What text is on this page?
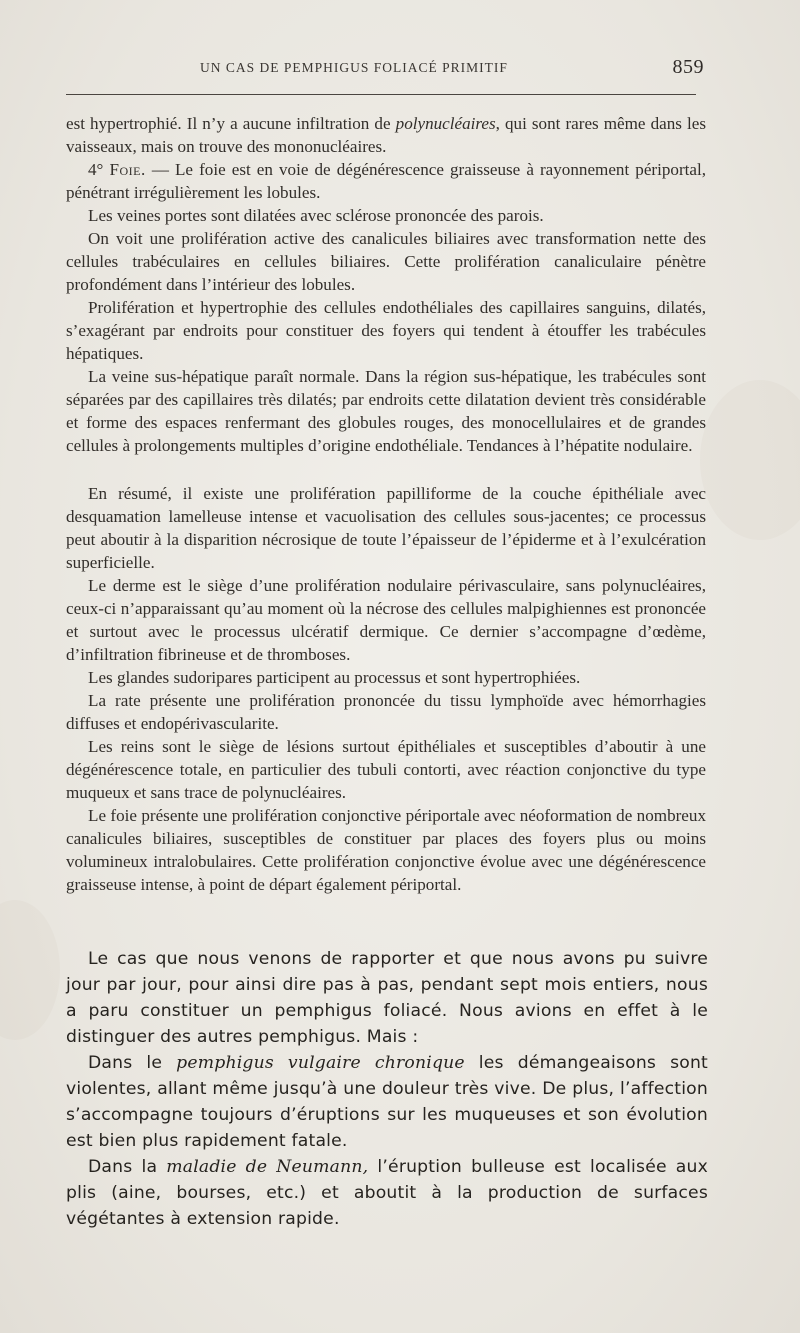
UN CAS DE PEMPHIGUS FOLIACÉ PRIMITIF	859

est hypertrophié. Il n’y a aucune infiltration de polynucléaires, qui sont rares même dans les vaisseaux, mais on trouve des mononucléaires.

4° Foie. — Le foie est en voie de dégénérescence graisseuse à rayonnement périportal, pénétrant irrégulièrement les lobules.

Les veines portes sont dilatées avec sclérose prononcée des parois.

On voit une prolifération active des canalicules biliaires avec transformation nette des cellules trabéculaires en cellules biliaires. Cette prolifération canaliculaire pénètre profondément dans l’intérieur des lobules.

Prolifération et hypertrophie des cellules endothéliales des capillaires sanguins, dilatés, s’exagérant par endroits pour constituer des foyers qui tendent à étouffer les trabécules hépatiques.

La veine sus-hépatique paraît normale. Dans la région sus-hépatique, les trabécules sont séparées par des capillaires très dilatés; par endroits cette dilatation devient très considérable et forme des espaces renfermant des globules rouges, des monocellulaires et de grandes cellules à prolongements multiples d’origine endothéliale. Tendances à l’hépatite nodulaire.

En résumé, il existe une prolifération papilliforme de la couche épithéliale avec desquamation lamelleuse intense et vacuolisation des cellules sous-jacentes; ce processus peut aboutir à la disparition nécrosique de toute l’épaisseur de l’épiderme et à l’exulcération superficielle.

Le derme est le siège d’une prolifération nodulaire périvasculaire, sans polynucléaires, ceux-ci n’apparaissant qu’au moment où la nécrose des cellules malpighiennes est prononcée et surtout avec le processus ulcératif dermique. Ce dernier s’accompagne d’œdème, d’infiltration fibrineuse et de thromboses.

Les glandes sudoripares participent au processus et sont hypertrophiées.

La rate présente une prolifération prononcée du tissu lymphoïde avec hémorrhagies diffuses et endopérivascularite.

Les reins sont le siège de lésions surtout épithéliales et susceptibles d’aboutir à une dégénérescence totale, en particulier des tubuli contorti, avec réaction conjonctive du type muqueux et sans trace de polynucléaires.

Le foie présente une prolifération conjonctive périportale avec néoformation de nombreux canalicules biliaires, susceptibles de constituer par places des foyers plus ou moins volumineux intralobulaires. Cette prolifération conjonctive évolue avec une dégénérescence graisseuse intense, à point de départ également périportal.

Le cas que nous venons de rapporter et que nous avons pu suivre jour par jour, pour ainsi dire pas à pas, pendant sept mois entiers, nous a paru constituer un pemphigus foliacé. Nous avions en effet à le distinguer des autres pemphigus. Mais :

Dans le pemphigus vulgaire chronique les démangeaisons sont violentes, allant même jusqu’à une douleur très vive. De plus, l’affection s’accompagne toujours d’éruptions sur les muqueuses et son évolution est bien plus rapidement fatale.

Dans la maladie de Neumann, l’éruption bulleuse est localisée aux plis (aine, bourses, etc.) et aboutit à la production de surfaces végétantes à extension rapide.
